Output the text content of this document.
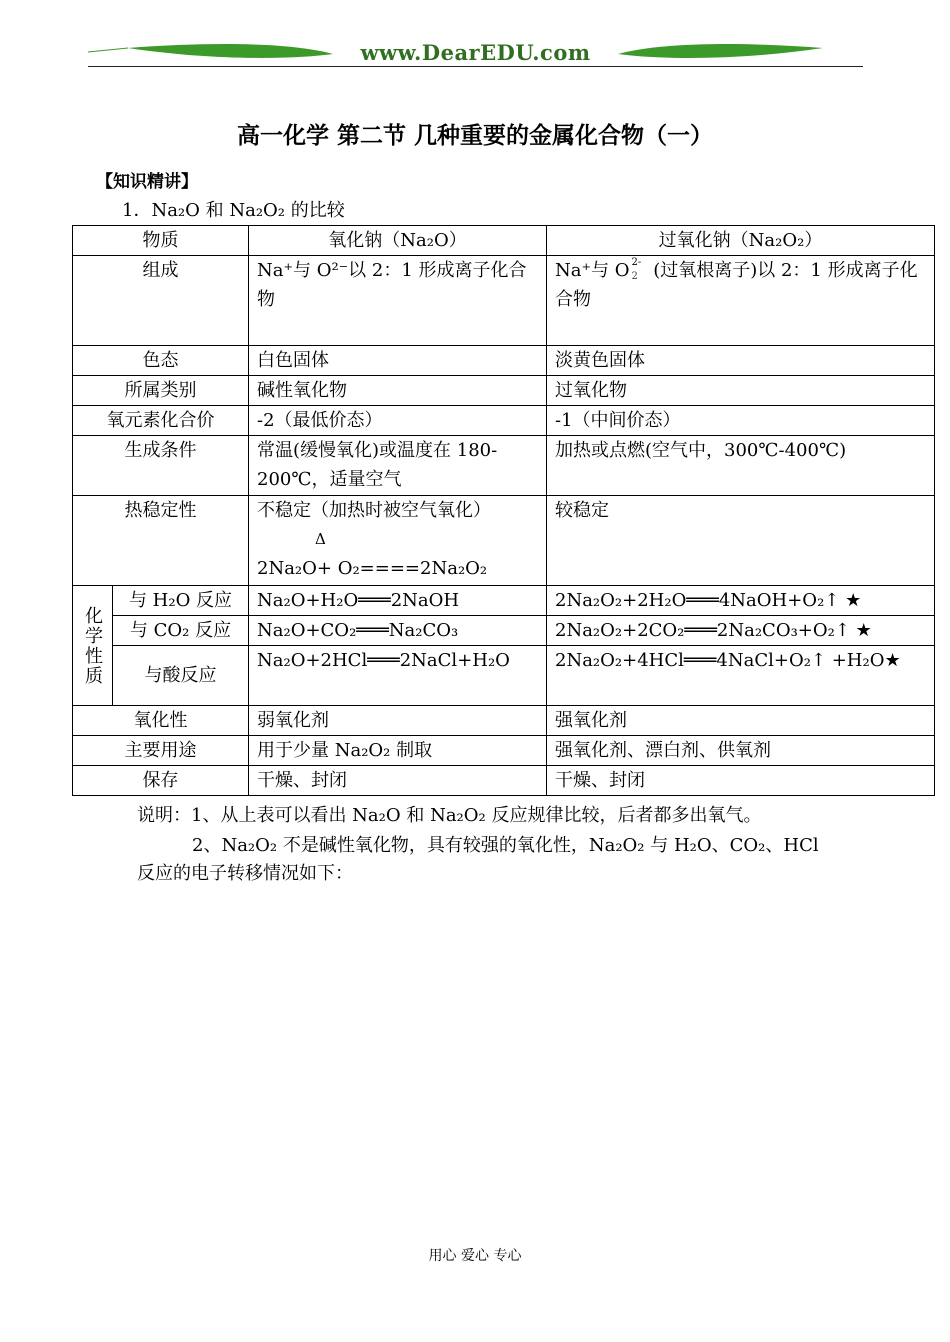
www.DearEDU.com
高一化学 第二节 几种重要的金属化合物（一）
【知识精讲】
1．Na₂O 和 Na₂O₂ 的比较
物质		氧化钠（Na₂O）	过氧化钠（Na₂O₂）
组成		Na⁺与 O²⁻以 2：1 形成离子化合物	Na⁺与 O 2-
2 (过氧根离子)以 2：1 形成离子化合物
色态		白色固体	淡黄色固体
所属类别		碱性氧化物	过氧化物
氧元素化合价		-2（最低价态）	-1（中间价态）
生成条件		常温(缓慢氧化)或温度在 180-200℃，适量空气	加热或点燃(空气中，300℃-400℃)
热稳定性		不稳定（加热时被空气氧化）
Δ
2Na₂O+ O₂====2Na₂O₂	较稳定
化学性质	与 H₂O 反应	Na₂O+H₂O═══2NaOH	2Na₂O₂+2H₂O═══4NaOH+O₂↑ ★
	与 CO₂ 反应	Na₂O+CO₂═══Na₂CO₃	2Na₂O₂+2CO₂═══2Na₂CO₃+O₂↑ ★
	与酸反应	Na₂O+2HCl═══2NaCl+H₂O	2Na₂O₂+4HCl═══4NaCl+O₂↑ +H₂O★
氧化性		弱氧化剂	强氧化剂
主要用途		用于少量 Na₂O₂ 制取	强氧化剂、漂白剂、供氧剂
保存		干燥、封闭	干燥、封闭
说明：1、从上表可以看出 Na₂O 和 Na₂O₂ 反应规律比较，后者都多出氧气。
2、Na₂O₂ 不是碱性氧化物，具有较强的氧化性，Na₂O₂ 与 H₂O、CO₂、HCl
反应的电子转移情况如下：
用心 爱心 专心
